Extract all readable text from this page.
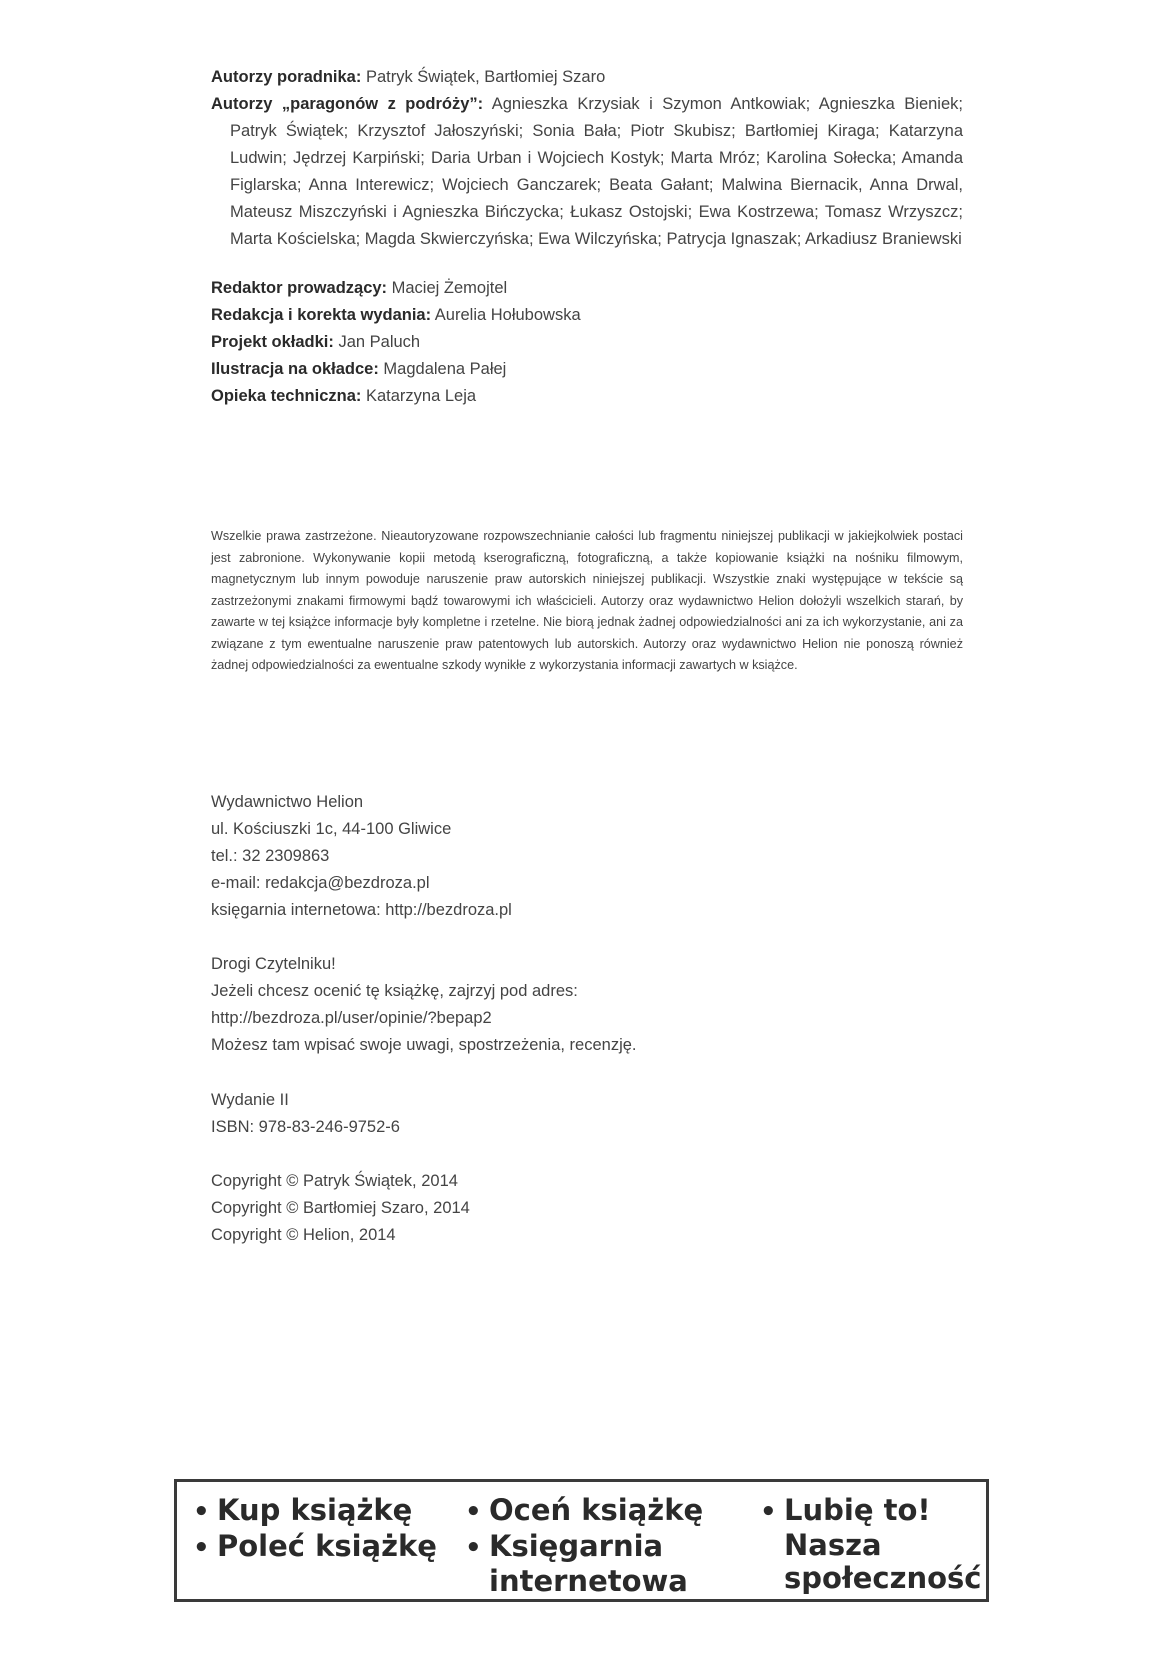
Autorzy poradnika: Patryk Świątek, Bartłomiej Szaro

Autorzy „paragonów z podróży”: Agnieszka Krzysiak i Szymon Antkowiak; Agnieszka Bieniek; Patryk Świątek; Krzysztof Jałoszyński; Sonia Bała; Piotr Skubisz; Bartłomiej Kiraga; Katarzyna Ludwin; Jędrzej Karpiński; Daria Urban i Wojciech Kostyk; Marta Mróz; Karolina Sołecka; Amanda Figlarska; Anna Interewicz; Wojciech Ganczarek; Beata Gałant; Malwina Biernacik, Anna Drwal, Mateusz Miszczyński i Agnieszka Bińczycka; Łukasz Ostojski; Ewa Kostrzewa; Tomasz Wrzyszcz; Marta Kościelska; Magda Skwierczyńska; Ewa Wilczyńska; Patrycja Ignaszak; Arkadiusz Braniewski

Redaktor prowadzący: Maciej Żemojtel

Redakcja i korekta wydania: Aurelia Hołubowska

Projekt okładki: Jan Paluch

Ilustracja na okładce: Magdalena Pałej

Opieka techniczna: Katarzyna Leja

Wszelkie prawa zastrzeżone. Nieautoryzowane rozpowszechnianie całości lub fragmentu niniejszej publikacji w jakiejkolwiek postaci jest zabronione. Wykonywanie kopii metodą kserograficzną, fotograficzną, a także kopiowanie książki na nośniku filmowym, magnetycznym lub innym powoduje naruszenie praw autorskich niniejszej publikacji. Wszystkie znaki występujące w tekście są zastrzeżonymi znakami firmowymi bądź towarowymi ich właścicieli. Autorzy oraz wydawnictwo Helion dołożyli wszelkich starań, by zawarte w tej książce informacje były kompletne i rzetelne. Nie biorą jednak żadnej odpowiedzialności ani za ich wykorzystanie, ani za związane z tym ewentualne naruszenie praw patentowych lub autorskich. Autorzy oraz wydawnictwo Helion nie ponoszą również żadnej odpowiedzialności za ewentualne szkody wynikłe z wykorzystania informacji zawartych w książce.

Wydawnictwo Helion
ul. Kościuszki 1c, 44-100 Gliwice
tel.: 32 2309863
e-mail: redakcja@bezdroza.pl
księgarnia internetowa: http://bezdroza.pl
Drogi Czytelniku!
Jeżeli chcesz ocenić tę książkę, zajrzyj pod adres:
http://bezdroza.pl/user/opinie/?bepap2
Możesz tam wpisać swoje uwagi, spostrzeżenia, recenzję.
Wydanie II
ISBN: 978-83-246-9752-6
Copyright © Patryk Świątek, 2014
Copyright © Bartłomiej Szaro, 2014
Copyright © Helion, 2014
• Kup książkę
• Poleć książkę
• Oceń książkę
• Księgarnia
internetowa
• Lubię to!
Nasza
społeczność
